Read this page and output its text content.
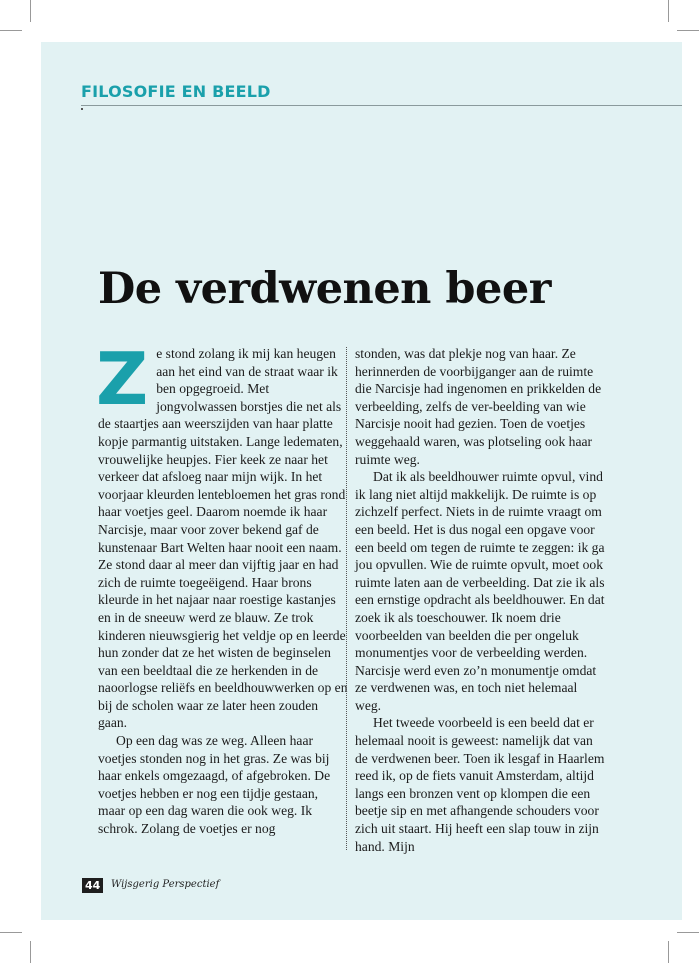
FILOSOFIE EN BEELD
De verdwenen beer

Ze stond zolang ik mij kan heugen aan het eind van de straat waar ik ben opgegroeid. Met jongvolwassen borstjes die net als de staartjes aan weerszijden van haar platte kopje parmantig uitstaken. Lange ledematen, vrouwelijke heupjes. Fier keek ze naar het verkeer dat afsloeg naar mijn wijk. In het voorjaar kleurden lentebloemen het gras rond haar voetjes geel. Daarom noemde ik haar Narcisje, maar voor zover bekend gaf de kunstenaar Bart Welten haar nooit een naam. Ze stond daar al meer dan vijftig jaar en had zich de ruimte toegeëigend. Haar brons kleurde in het najaar naar roestige kastanjes en in de sneeuw werd ze blauw. Ze trok kinderen nieuwsgierig het veldje op en leerde hun zonder dat ze het wisten de beginselen van een beeldtaal die ze herkenden in de naoorlogse reliëfs en beeldhouwwerken op en bij de scholen waar ze later heen zouden gaan.

Op een dag was ze weg. Alleen haar voetjes stonden nog in het gras. Ze was bij haar enkels omgezaagd, of afgebroken. De voetjes hebben er nog een tijdje gestaan, maar op een dag waren die ook weg. Ik schrok. Zolang de voetjes er nog

stonden, was dat plekje nog van haar. Ze herinnerden de voorbijganger aan de ruimte die Narcisje had ingenomen en prikkelden de verbeelding, zelfs de ver-beelding van wie Narcisje nooit had gezien. Toen de voetjes weggehaald waren, was plotseling ook haar ruimte weg.

Dat ik als beeldhouwer ruimte opvul, vind ik lang niet altijd makkelijk. De ruimte is op zichzelf perfect. Niets in de ruimte vraagt om een beeld. Het is dus nogal een opgave voor een beeld om tegen de ruimte te zeggen: ik ga jou opvullen. Wie de ruimte opvult, moet ook ruimte laten aan de verbeelding. Dat zie ik als een ernstige opdracht als beeldhouwer. En dat zoek ik als toeschouwer. Ik noem drie voorbeelden van beelden die per ongeluk monumentjes voor de verbeelding werden. Narcisje werd even zo’n monumentje omdat ze verdwenen was, en toch niet helemaal weg.

Het tweede voorbeeld is een beeld dat er helemaal nooit is geweest: namelijk dat van de verdwenen beer. Toen ik lesgaf in Haarlem reed ik, op de fiets vanuit Amsterdam, altijd langs een bronzen vent op klompen die een beetje sip en met afhangende schouders voor zich uit staart. Hij heeft een slap touw in zijn hand. Mijn

44	Wijsgerig Perspectief
